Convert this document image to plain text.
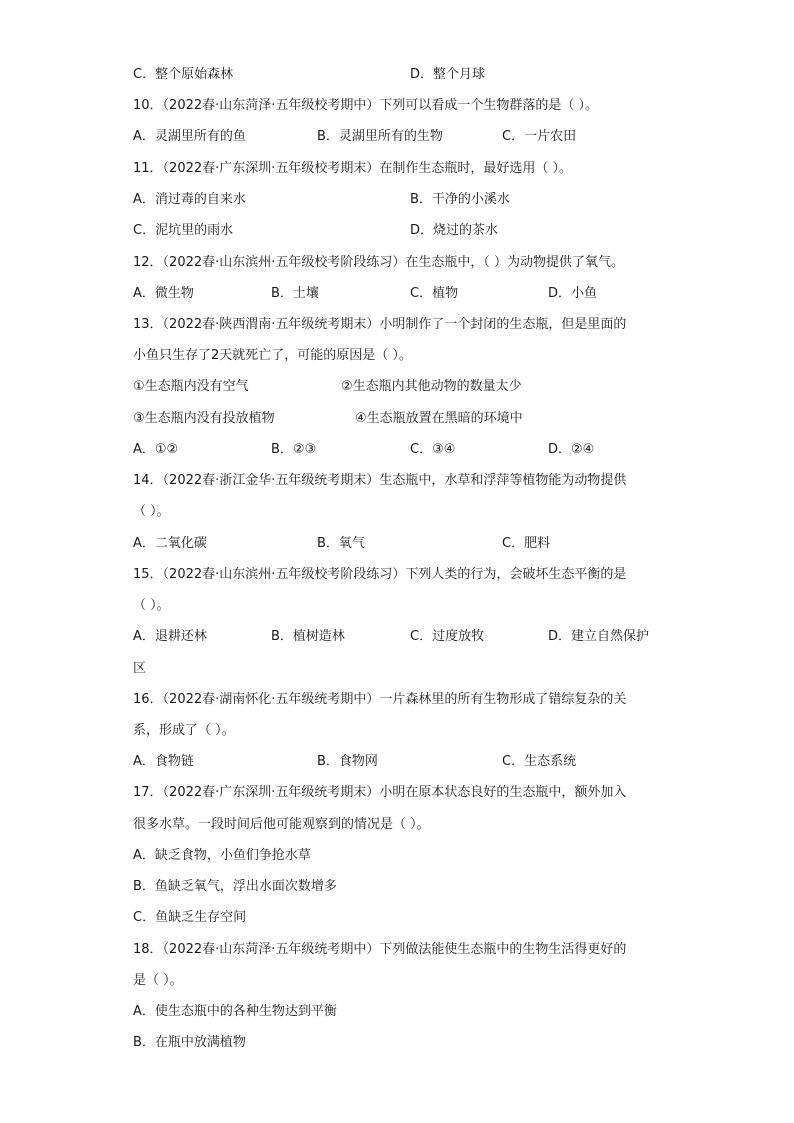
C．整个原始森林	D．整个月球
10．（2022春·山东菏泽·五年级校考期中）下列可以看成一个生物群落的是（ ）。
A．灵湖里所有的鱼	B．灵湖里所有的生物	C．一片农田
11．（2022春·广东深圳·五年级校考期末）在制作生态瓶时，最好选用（ ）。
A．消过毒的自来水	B．干净的小溪水
C．泥坑里的雨水	D．烧过的茶水
12．（2022春·山东滨州·五年级校考阶段练习）在生态瓶中，（ ）为动物提供了氧气。
A．微生物	B．土壤	C．植物	D．小鱼
13．（2022春·陕西渭南·五年级统考期末）小明制作了一个封闭的生态瓶，但是里面的
小鱼只生存了2天就死亡了，可能的原因是（ ）。
①生态瓶内没有空气	②生态瓶内其他动物的数量太少
③生态瓶内没有投放植物	④生态瓶放置在黑暗的环境中
A．①②	B．②③	C．③④	D．②④
14．（2022春·浙江金华·五年级统考期末）生态瓶中，水草和浮萍等植物能为动物提供
（ ）。
A．二氧化碳	B．氧气	C．肥料
15．（2022春·山东滨州·五年级校考阶段练习）下列人类的行为，会破坏生态平衡的是
（ ）。
A．退耕还林	B．植树造林	C．过度放牧	D．建立自然保护
区
16．（2022春·湖南怀化·五年级统考期中）一片森林里的所有生物形成了错综复杂的关
系，形成了（ ）。
A．食物链	B．食物网	C．生态系统
17．（2022春·广东深圳·五年级统考期末）小明在原本状态良好的生态瓶中，额外加入
很多水草。一段时间后他可能观察到的情况是（ ）。
A．缺乏食物，小鱼们争抢水草
B．鱼缺乏氧气，浮出水面次数增多
C．鱼缺乏生存空间
18．（2022春·山东菏泽·五年级统考期中）下列做法能使生态瓶中的生物生活得更好的
是（ ）。
A．使生态瓶中的各种生物达到平衡
B．在瓶中放满植物
